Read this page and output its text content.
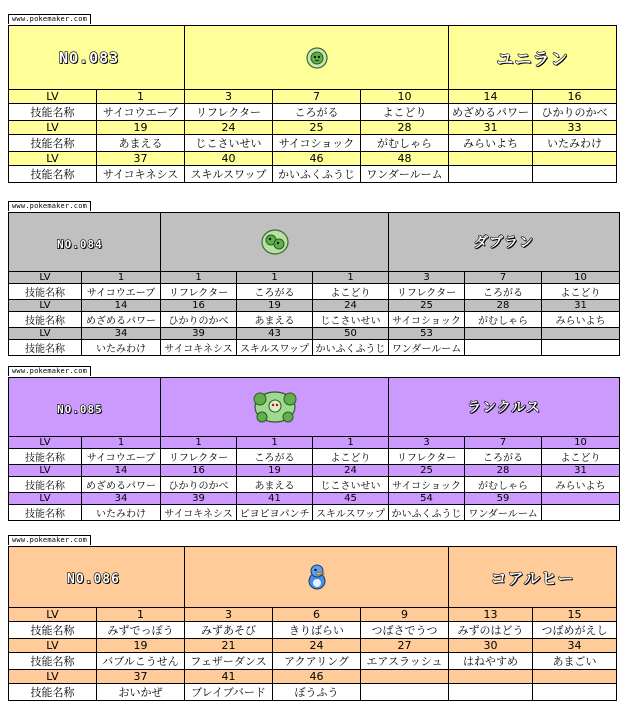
www.pokemaker.com
NO.083					ユニラン	
LV	1	3	7	10	14	16
技能名称	サイコウエーブ	リフレクター	ころがる	よこどり	めざめるパワー	ひかりのかべ
LV	19	24	25	28	31	33
技能名称	あまえる	じこさいせい	サイコショック	がむしゃら	みらいよち	いたみわけ
LV	37	40	46	48		
技能名称	サイコキネシス	スキルスワップ	かいふくふうじ	ワンダールーム		
www.pokemaker.com
NO.084					ダブラン		
LV	1	1	1	1	3	7	10
技能名称	サイコウエーブ	リフレクター	ころがる	よこどり	リフレクター	ころがる	よこどり
LV	14	16	19	24	25	28	31
技能名称	めざめるパワー	ひかりのかべ	あまえる	じこさいせい	サイコショック	がむしゃら	みらいよち
LV	34	39	43	50	53		
技能名称	いたみわけ	サイコキネシス	スキルスワップ	かいふくふうじ	ワンダールーム		
www.pokemaker.com
NO.085					ランクルス		
LV	1	1	1	1	3	7	10
技能名称	サイコウエーブ	リフレクター	ころがる	よこどり	リフレクター	ころがる	よこどり
LV	14	16	19	24	25	28	31
技能名称	めざめるパワー	ひかりのかべ	あまえる	じこさいせい	サイコショック	がむしゃら	みらいよち
LV	34	39	41	45	54	59	
技能名称	いたみわけ	サイコキネシス	ピヨピヨパンチ	スキルスワップ	かいふくふうじ	ワンダールーム	
www.pokemaker.com
NO.086					コアルヒー	
LV	1	3	6	9	13	15
技能名称	みずでっぽう	みずあそび	きりばらい	つばさでうつ	みずのはどう	つばめがえし
LV	19	21	24	27	30	34
技能名称	バブルこうせん	フェザーダンス	アクアリング	エアスラッシュ	はねやすめ	あまごい
LV	37	41	46			
技能名称	おいかぜ	ブレイブバード	ぼうふう			
